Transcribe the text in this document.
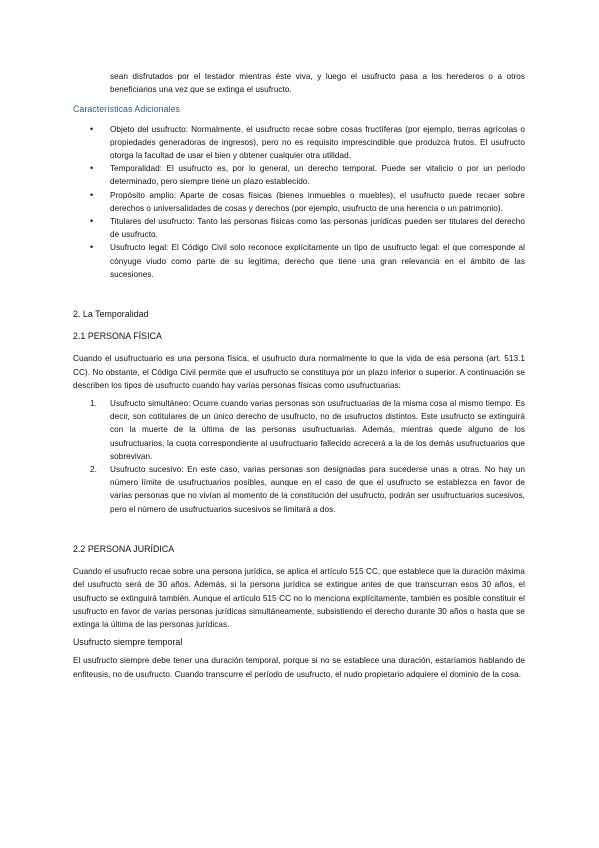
sean disfrutados por el testador mientras éste viva, y luego el usufructo pasa a los herederos o a otros beneficiarios una vez que se extinga el usufructo.

Características Adicionales
• Objeto del usufructo: Normalmente, el usufructo recae sobre cosas fructíferas (por ejemplo, tierras agrícolas o propiedades generadoras de ingresos), pero no es requisito imprescindible que produzca frutos. El usufructo otorga la facultad de usar el bien y obtener cualquier otra utilidad.
• Temporalidad: El usufructo es, por lo general, un derecho temporal. Puede ser vitalicio o por un período determinado, pero siempre tiene un plazo establecido.
• Propósito amplio: Aparte de cosas físicas (bienes inmuebles o muebles), el usufructo puede recaer sobre derechos o universalidades de cosas y derechos (por ejemplo, usufructo de una herencia o un patrimonio).
• Titulares del usufructo: Tanto las personas físicas como las personas jurídicas pueden ser titulares del derecho de usufructo.
• Usufructo legal: El Código Civil solo reconoce explícitamente un tipo de usufructo legal: el que corresponde al cónyuge viudo como parte de su legítima, derecho que tiene una gran relevancia en el ámbito de las sucesiones.
2. La Temporalidad
2.1 PERSONA FÍSICA

Cuando el usufructuario es una persona física, el usufructo dura normalmente lo que la vida de esa persona (art. 513.1 CC). No obstante, el Código Civil permite que el usufructo se constituya por un plazo inferior o superior. A continuación se describen los tipos de usufructo cuando hay varias personas físicas como usufructuarias:

1. Usufructo simultáneo: Ocurre cuando varias personas son usufructuarias de la misma cosa al mismo tiempo. Es decir, son cotitulares de un único derecho de usufructo, no de usufructos distintos. Este usufructo se extinguirá con la muerte de la última de las personas usufructuarias. Además, mientras quede alguno de los usufructuarios, la cuota correspondiente al usufructuario fallecido acrecerá a la de los demás usufructuarios que sobrevivan.
2. Usufructo sucesivo: En este caso, varias personas son designadas para sucederse unas a otras. No hay un número límite de usufructuarios posibles, aunque en el caso de que el usufructo se establezca en favor de varias personas que no vivían al momento de la constitución del usufructo, podrán ser usufructuarios sucesivos, pero el número de usufructuarios sucesivos se limitará a dos.
2.2 PERSONA JURÍDICA

Cuando el usufructo recae sobre una persona jurídica, se aplica el artículo 515 CC, que establece que la duración máxima del usufructo será de 30 años. Además, si la persona jurídica se extingue antes de que transcurran esos 30 años, el usufructo se extinguirá también. Aunque el artículo 515 CC no lo menciona explícitamente, también es posible constituir el usufructo en favor de varias personas jurídicas simultáneamente, subsistiendo el derecho durante 30 años o hasta que se extinga la última de las personas jurídicas.

Usufructo siempre temporal

El usufructo siempre debe tener una duración temporal, porque si no se establece una duración, estaríamos hablando de enfiteusis, no de usufructo. Cuando transcurre el período de usufructo, el nudo propietario adquiere el dominio de la cosa.
